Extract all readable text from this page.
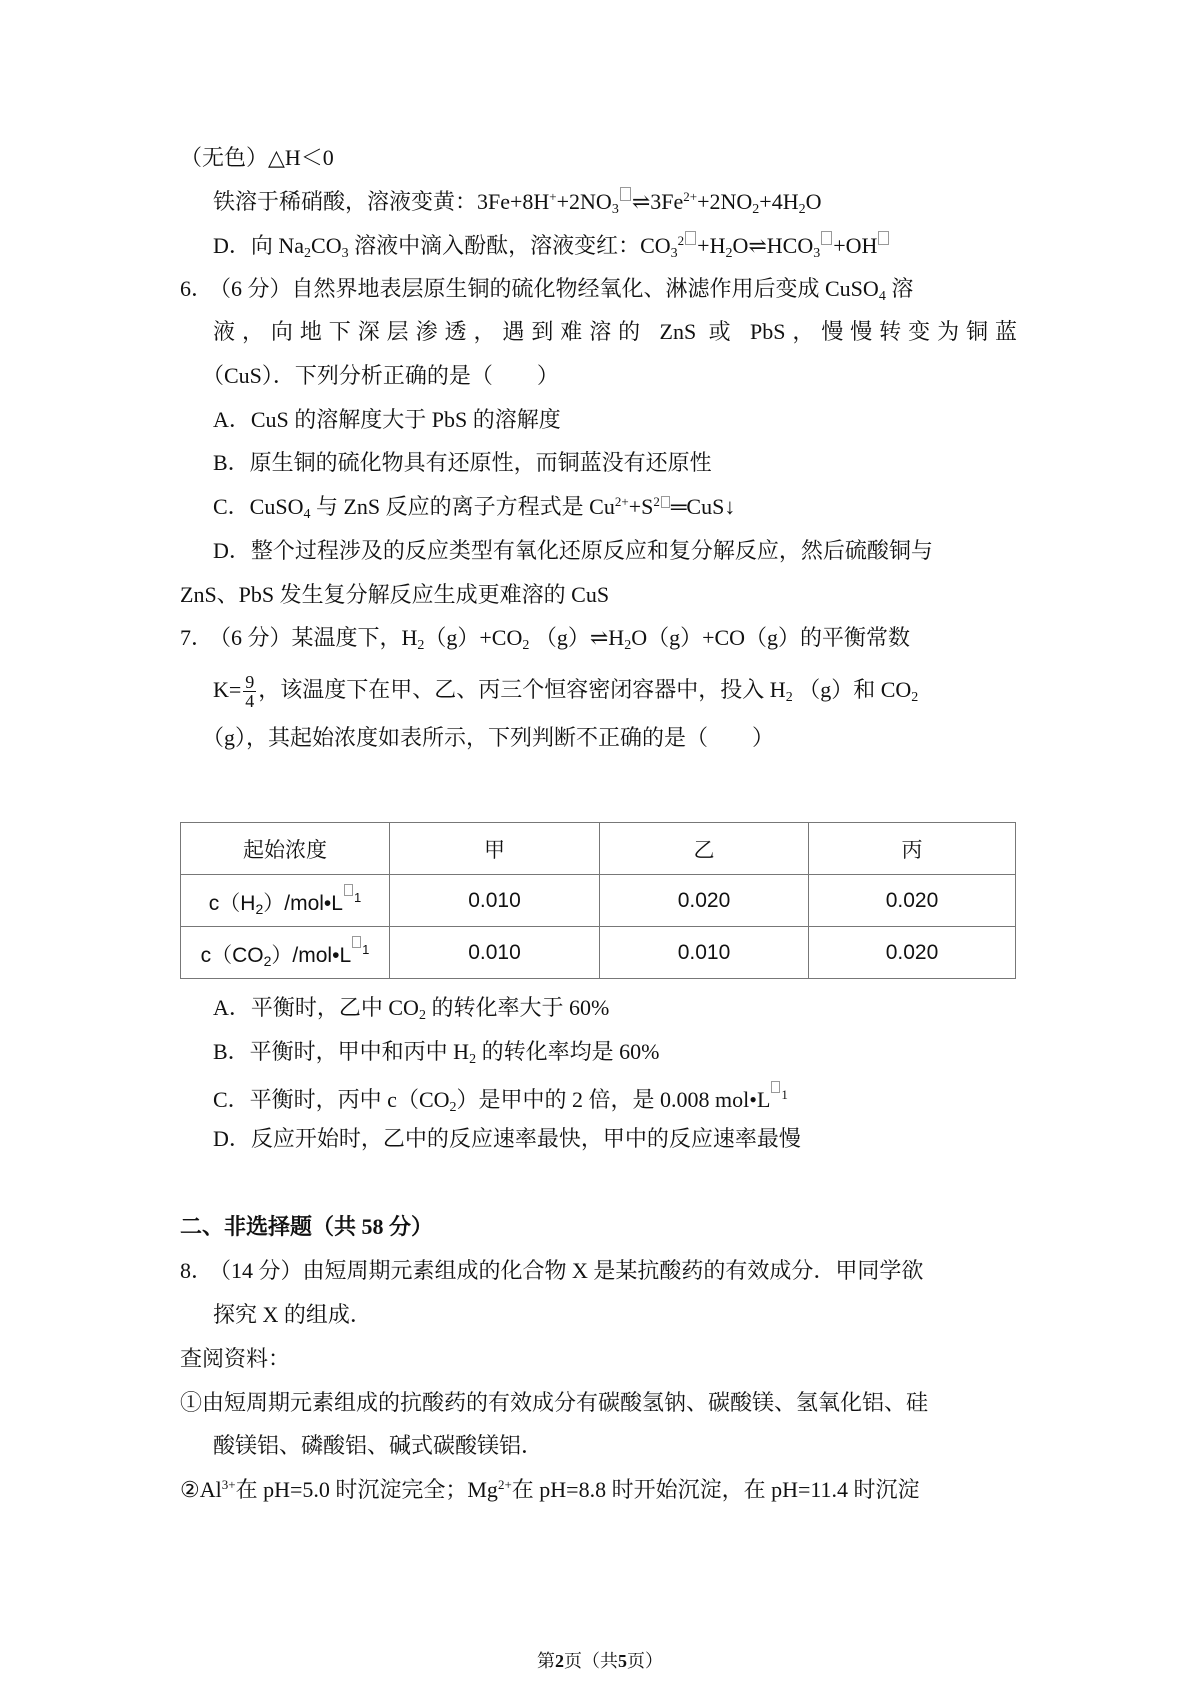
（无色）△H＜0
铁溶于稀硝酸，溶液变黄：$3Fe+8H^++2NO_3$ $\rightleftharpoons 3Fe^{2+}+2NO_2+4H_2O$
D．向 $Na_2CO_3$ 溶液中滴入酚酞，溶液变红：$CO_3^2$ $+H_2O\rightleftharpoons HCO_3 +OH$
6．
（6 分）自然界地表层原生铜的硫化物经氧化、淋滤作用后变成 CuSO$_4$ 溶
液，向地下深层渗透，遇到难溶的 ZnS 或 PbS，慢慢转变为铜蓝
（CuS）．下列分析正确的是（　　）
A．CuS 的溶解度大于 PbS 的溶解度
B．原生铜的硫化物具有还原性，而铜蓝没有还原性
C．CuSO$_4$ 与 ZnS 反应的离子方程式是 $Cu^{2+}+S^2$ ═CuS↓
D．整个过程涉及的反应类型有氧化还原反应和复分解反应，然后硫酸铜与
ZnS、PbS 发生复分解反应生成更难溶的 CuS
7．
（6 分）某温度下，$H_2(g)+CO_2$ $(g)\rightleftharpoons H_2O(g)+CO(g)$的平衡常数
$K= \frac{9}{4}$ ，该温度下在甲、乙、丙三个恒容密闭容器中，投入 $H_2$ （g）和 $CO_2$
（g），其起始浓度如表所示，下列判断不正确的是（　　）
起始浓度	甲	乙	丙
$c(H_2)/mol•L$ $^1$	0.010	0.020	0.020
$c(CO_2)/mol•L$ $^1$	0.010	0.010	0.020
A．平衡时，乙中 $CO_2$ 的转化率大于 60%
B．平衡时，甲中和丙中 $H_2$ 的转化率均是 60%
C．平衡时，丙中 $c(CO_2)$是甲中的 2 倍，是 0.008 mol•L $^1$
D．反应开始时，乙中的反应速率最快，甲中的反应速率最慢
二、非选择题（共 58 分）
8．
（14 分）由短周期元素组成的化合物 X 是某抗酸药的有效成分．甲同学欲
探究 X 的组成．
查阅资料：
①由短周期元素组成的抗酸药的有效成分有碳酸氢钠、碳酸镁、氢氧化铝、硅
酸镁铝、磷酸铝、碱式碳酸镁铝．
$②Al^{3+}$在 pH=5.0 时沉淀完全；$Mg^{2+}$在 pH=8.8 时开始沉淀，在 pH=11.4 时沉淀
第2页（共5页）
